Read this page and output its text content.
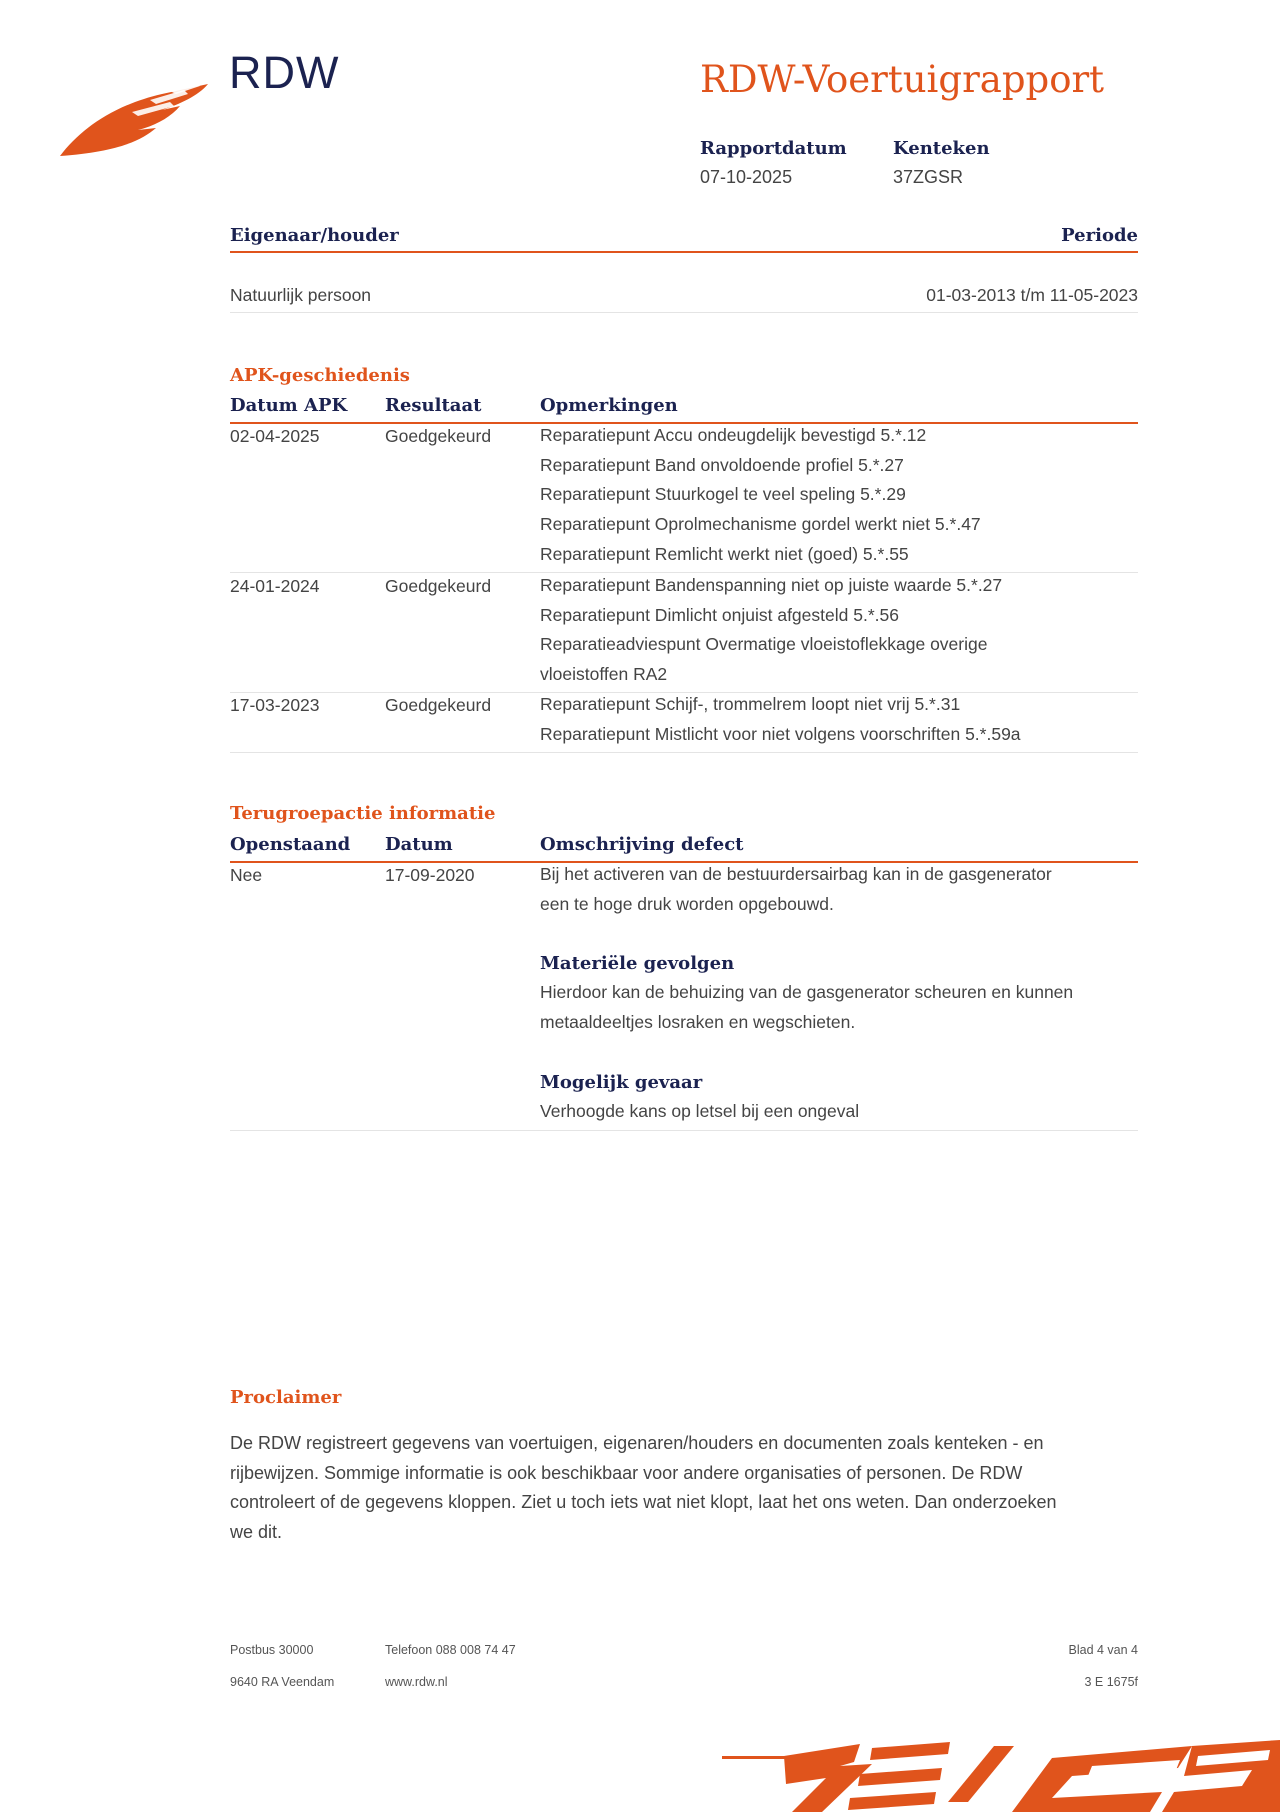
RDW	RDW-Voertuigrapport
Rapportdatum
07-10-2025
Kenteken
37ZGSR
Eigenaar/houder	Periode
Natuurlijk persoon	01-03-2013 t/m 11-05-2023
APK-geschiedenis
Datum APK Resultaat	Opmerkingen
02-04-2025	Goedgekeurd	Reparatiepunt Accu ondeugdelijk bevestigd 5.*.12
Reparatiepunt Band onvoldoende profiel 5.*.27
Reparatiepunt Stuurkogel te veel speling 5.*.29
Reparatiepunt Oprolmechanisme gordel werkt niet 5.*.47
Reparatiepunt Remlicht werkt niet (goed) 5.*.55
24-01-2024	Goedgekeurd	Reparatiepunt Bandenspanning niet op juiste waarde 5.*.27
Reparatiepunt Dimlicht onjuist afgesteld 5.*.56
Reparatieadviespunt Overmatige vloeistoflekkage overige
vloeistoffen RA2
17-03-2023	Goedgekeurd	Reparatiepunt Schijf-, trommelrem loopt niet vrij 5.*.31
Reparatiepunt Mistlicht voor niet volgens voorschriften 5.*.59a
Terugroepactie informatie
Openstaand Datum	Omschrijving defect
Nee	17-09-2020	Bij het activeren van de bestuurdersairbag kan in de gasgenerator
een te hoge druk worden opgebouwd.
Materiële gevolgen
Hierdoor kan de behuizing van de gasgenerator scheuren en kunnen
metaaldeeltjes losraken en wegschieten.
Mogelijk gevaar
Verhoogde kans op letsel bij een ongeval
Proclaimer
De RDW registreert gegevens van voertuigen, eigenaren/houders en documenten zoals kenteken - en
rijbewijzen. Sommige informatie is ook beschikbaar voor andere organisaties of personen. De RDW
controleert of de gegevens kloppen. Ziet u toch iets wat niet klopt, laat het ons weten. Dan onderzoeken
we dit.
Postbus 30000
9640 RA Veendam
Telefoon 088 008 74 47
www.rdw.nl
Blad 4 van 4
3 E 1675f
